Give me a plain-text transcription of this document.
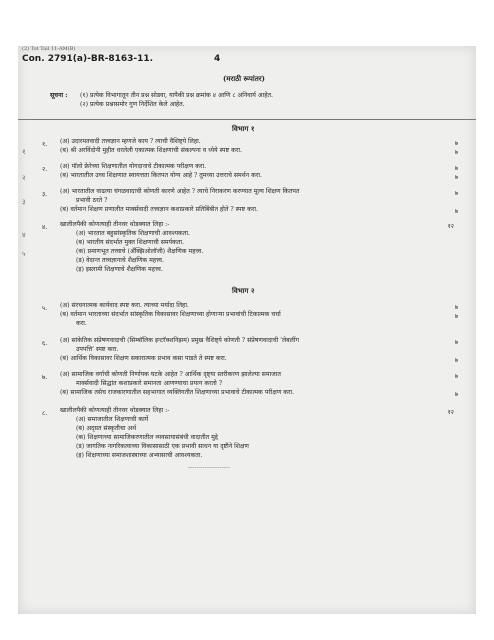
(2) Tot Tail 11-AM(B)
Con. 2791(a)-BR-8163-11.	4
(मराठी रूपांतर)
सूचना : (१) प्रत्येक विभागातून तीन प्रश्न सोडवा, यापैकी प्रश्न क्रमांक ४ आणि ८ अनिवार्य आहेत.
(२) प्रत्येक प्रश्नासमोर गुण निर्देशित केले आहेत.
विभाग १
१. (अ) उदारमतवादी तत्त्वज्ञान म्हणजे काय ? त्याची वैशिष्ट्ये लिहा.	७
(ब) श्री अरविंदोनी मुहीत धरलेली एकात्मक शिक्षणाची संकल्पना व ध्येये स्पष्ट करा.	७
२. (अ) पॉलो फ्रेरेच्या शिक्षणातील योगदानाचे टीकात्मक परीक्षण करा.	७
(ब) भारतातील उच्च शिक्षणात स्वायत्तता कितपत योग्य आहे ? तुमच्या उत्तराचे समर्थन करा.	७
३. (अ) भारतातील वाढत्या चंगळवादाची कोणती कारणे आहेत ? त्याचे निराकरण करण्यात मूल्य शिक्षण कितपत	७
प्रभावी ठरते ?
(ब) वर्तमान शिक्षण प्रणालीत मार्क्सवादी तत्त्वज्ञान कशाप्रकारे प्रतिबिंबीत होते ? स्पष्ट करा.	७
४. खालीलपैकी कोणत्याही तीनवर थोडक्यात लिहा :-	१२
(अ) भारतात बहुसांस्कृतिक शिक्षणाची आवश्यकता.
(ब) भारतीय संदर्भात मुक्त शिक्षणाची समर्पकता.
(क) प्रमाणभूत तत्त्वाचे (अँक्झिओलॉजी) शैक्षणिक महत्त्व.
(ड) वेदान्त तत्त्वज्ञानाचे शैक्षणिक महत्त्व.
(इ) इस्लामी शिक्षणाचे शैक्षणिक महत्त्व.
विभाग २
५. (अ) संरचनात्मक कार्यवाद स्पष्ट करा. त्याच्या मर्यादा लिहा.	७
(ब) वर्तमान भारताच्या संदर्भात सांस्कृतिक विकासावर शिक्षणाच्या होणाऱ्या प्रभावांची टिकात्मक चर्चा	७
करा.
६. (अ) सांकेतिक संप्रेषणवादाची (सिम्बॉलिक इन्टरॅक्शनिझम) प्रमुख वैशिष्ट्ये कोणती ? संप्रेषणवादाची 'लेबलींग	७
उपपत्ति' स्पष्ट करा.
(ब) आर्थिक विकासावर शिक्षण सकारात्मक प्रभाव कसा पाडते ते स्पष्ट करा.	७
७. (अ) सामाजिक वर्गाची कोणती निर्णायक घटके आहेत ? आर्थिक दृष्ट्या स्तरीकरण झालेल्या समाजात	७
मार्क्सवादी सिद्धांत कशाप्रकारे समानता आणण्याचा प्रयत्न करतो ?
(ब) सामाजिक तसेच राजकारणातील सहभागात व्यक्तिगतीत शिक्षणाच्या प्रभावाचे टीकात्मक परीक्षण करा.	७
८. खालीलपैकी कोणत्याही तीनवर थोडक्यात लिहा :-	१२
(अ) समाजातील शिक्षणाची कार्ये
(ब) अद्य्रत संस्कृतीचा अर्थ
(क) शिक्षणाच्या सामाजिकरणातील व्यवसायासंबंधी वादातीत मुद्दे
(ड) जागतिक नागरिकत्वाच्या विकासासाठी एक प्रभावी साधन या दृष्टीने शिक्षण
(इ) शिक्षणाच्या समाजशास्त्राच्या अभ्यासाची आवश्यकता.
--------------------
१
२
३
४
५
